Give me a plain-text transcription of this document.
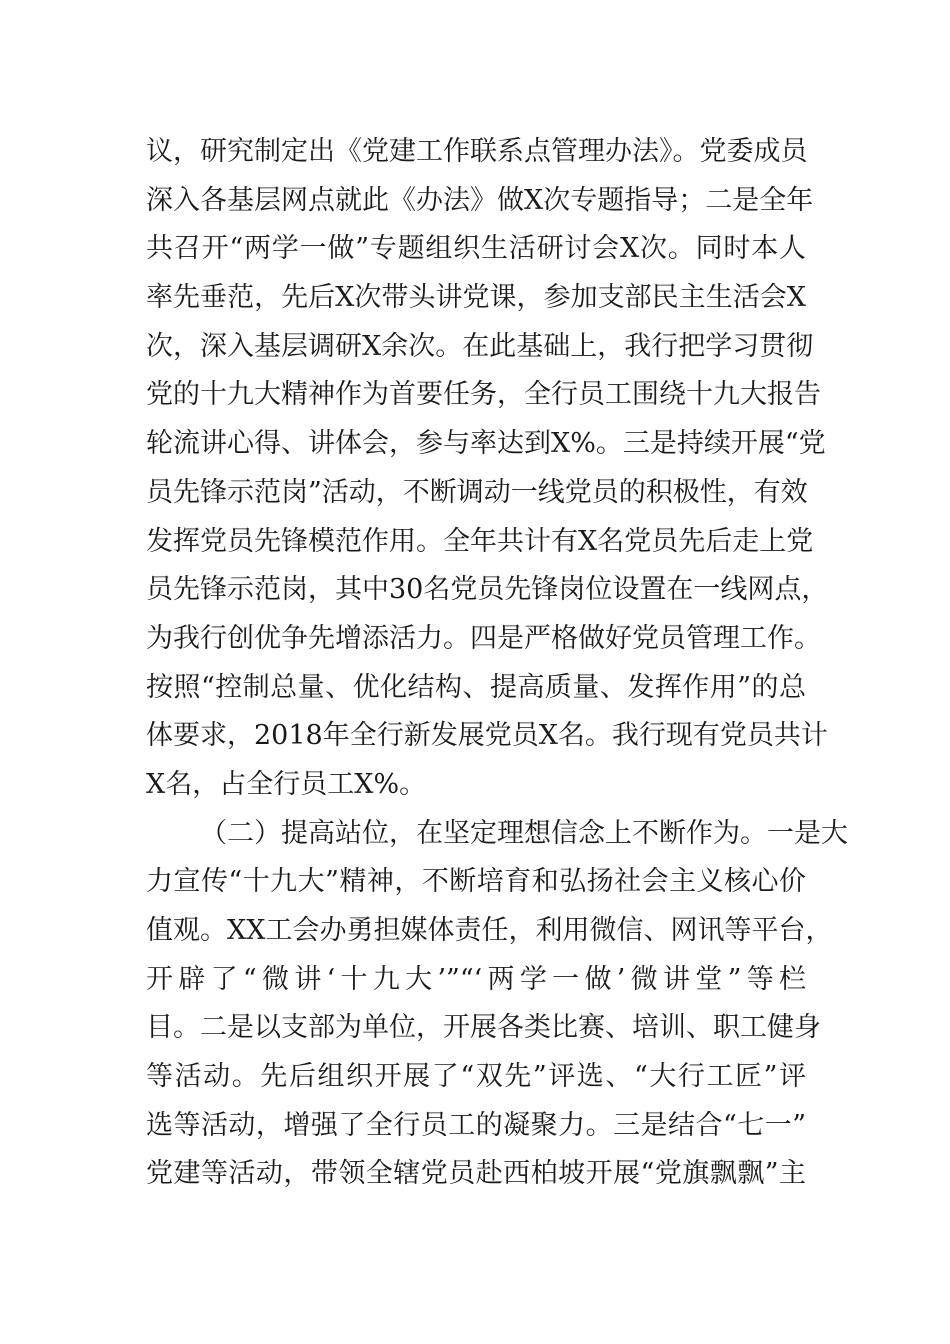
议，研究制定出《党建工作联系点管理办法》。党委成员
深入各基层网点就此《办法》做X次专题指导；二是全年
共召开“两学一做”专题组织生活研讨会X次。同时本人
率先垂范，先后X次带头讲党课，参加支部民主生活会X
次，深入基层调研X余次。在此基础上，我行把学习贯彻
党的十九大精神作为首要任务，全行员工围绕十九大报告
轮流讲心得、讲体会，参与率达到X%。三是持续开展“党
员先锋示范岗”活动，不断调动一线党员的积极性，有效
发挥党员先锋模范作用。全年共计有X名党员先后走上党
员先锋示范岗，其中30名党员先锋岗位设置在一线网点，
为我行创优争先增添活力。四是严格做好党员管理工作。
按照“控制总量、优化结构、提高质量、发挥作用”的总
体要求，2018年全行新发展党员X名。我行现有党员共计
X名，占全行员工X%。
（二）提高站位，在坚定理想信念上不断作为。一是大
力宣传“十九大”精神，不断培育和弘扬社会主义核心价
值观。XX工会办勇担媒体责任，利用微信、网讯等平台，
开辟了“微讲‘十九大’”“‘两学一做’微讲堂”等栏
目。二是以支部为单位，开展各类比赛、培训、职工健身
等活动。先后组织开展了“双先”评选、“大行工匠”评
选等活动，增强了全行员工的凝聚力。三是结合“七一”
党建等活动，带领全辖党员赴西柏坡开展“党旗飘飘”主
